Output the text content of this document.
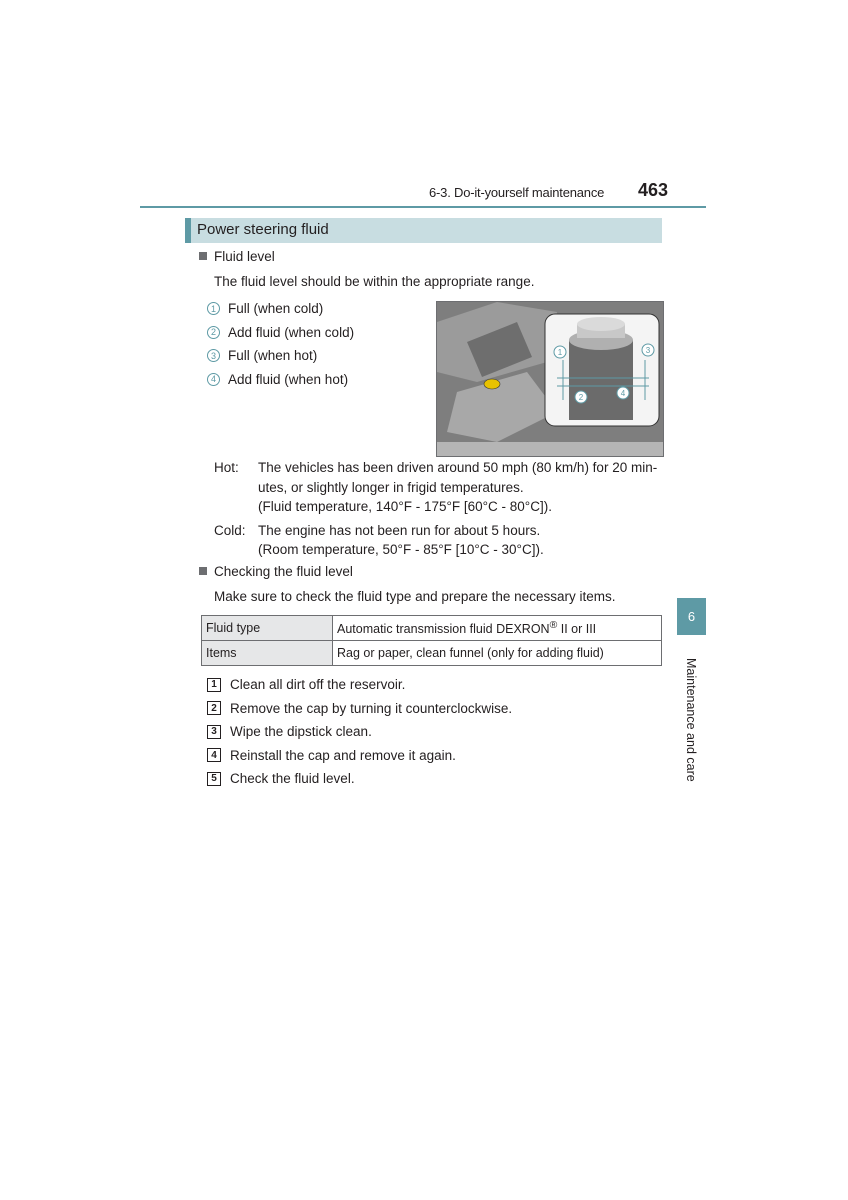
6-3. Do-it-yourself maintenance 463
Power steering fluid
Fluid level
The fluid level should be within the appropriate range.
1 Full (when cold)
2 Add fluid (when cold)
3 Full (when hot)
4 Add fluid (when hot)
1
2
3
4
Hot:	The vehicles has been driven around 50 mph (80 km/h) for 20 min-
utes, or slightly longer in frigid temperatures.
(Fluid temperature, 140°F - 175°F [60°C - 80°C]).
Cold: The engine has not been run for about 5 hours.
(Room temperature, 50°F - 85°F [10°C - 30°C]).
Checking the fluid level
Make sure to check the fluid type and prepare the necessary items.
Fluid type	Automatic transmission fluid DEXRON® II or III
Items	Rag or paper, clean funnel (only for adding fluid)
1 Clean all dirt off the reservoir.
2 Remove the cap by turning it counterclockwise.
3 Wipe the dipstick clean.
4 Reinstall the cap and remove it again.
5 Check the fluid level.
6
Maintenance and care
